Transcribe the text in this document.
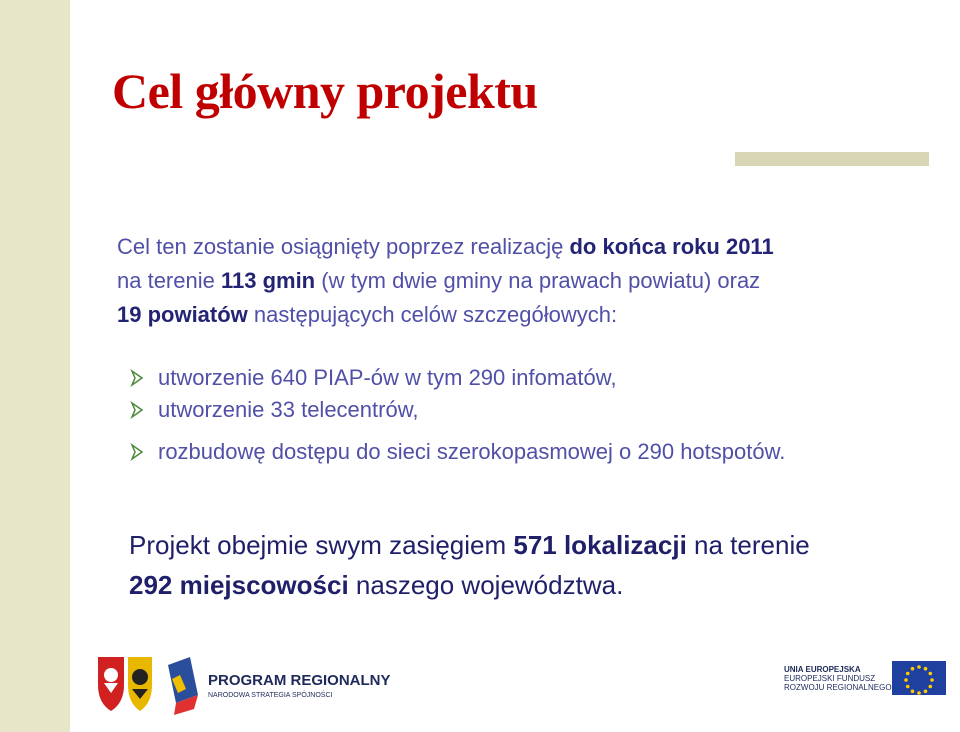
Cel główny projektu
Cel ten zostanie osiągnięty poprzez realizację do końca roku 2011
na terenie 113 gmin (w tym dwie gminy na prawach powiatu) oraz
19 powiatów następujących celów szczegółowych:
utworzenie 640 PIAP-ów w tym 290 infomatów,
utworzenie 33 telecentrów,
rozbudowę dostępu do sieci szerokopasmowej o 290 hotspotów.
Projekt obejmie swym zasięgiem 571 lokalizacji na terenie
292 miejscowości naszego województwa.
PROGRAM REGIONALNY
NARODOWA STRATEGIA SPÓJNOŚCI
UNIA EUROPEJSKA
EUROPEJSKI FUNDUSZ
ROZWOJU REGIONALNEGO
